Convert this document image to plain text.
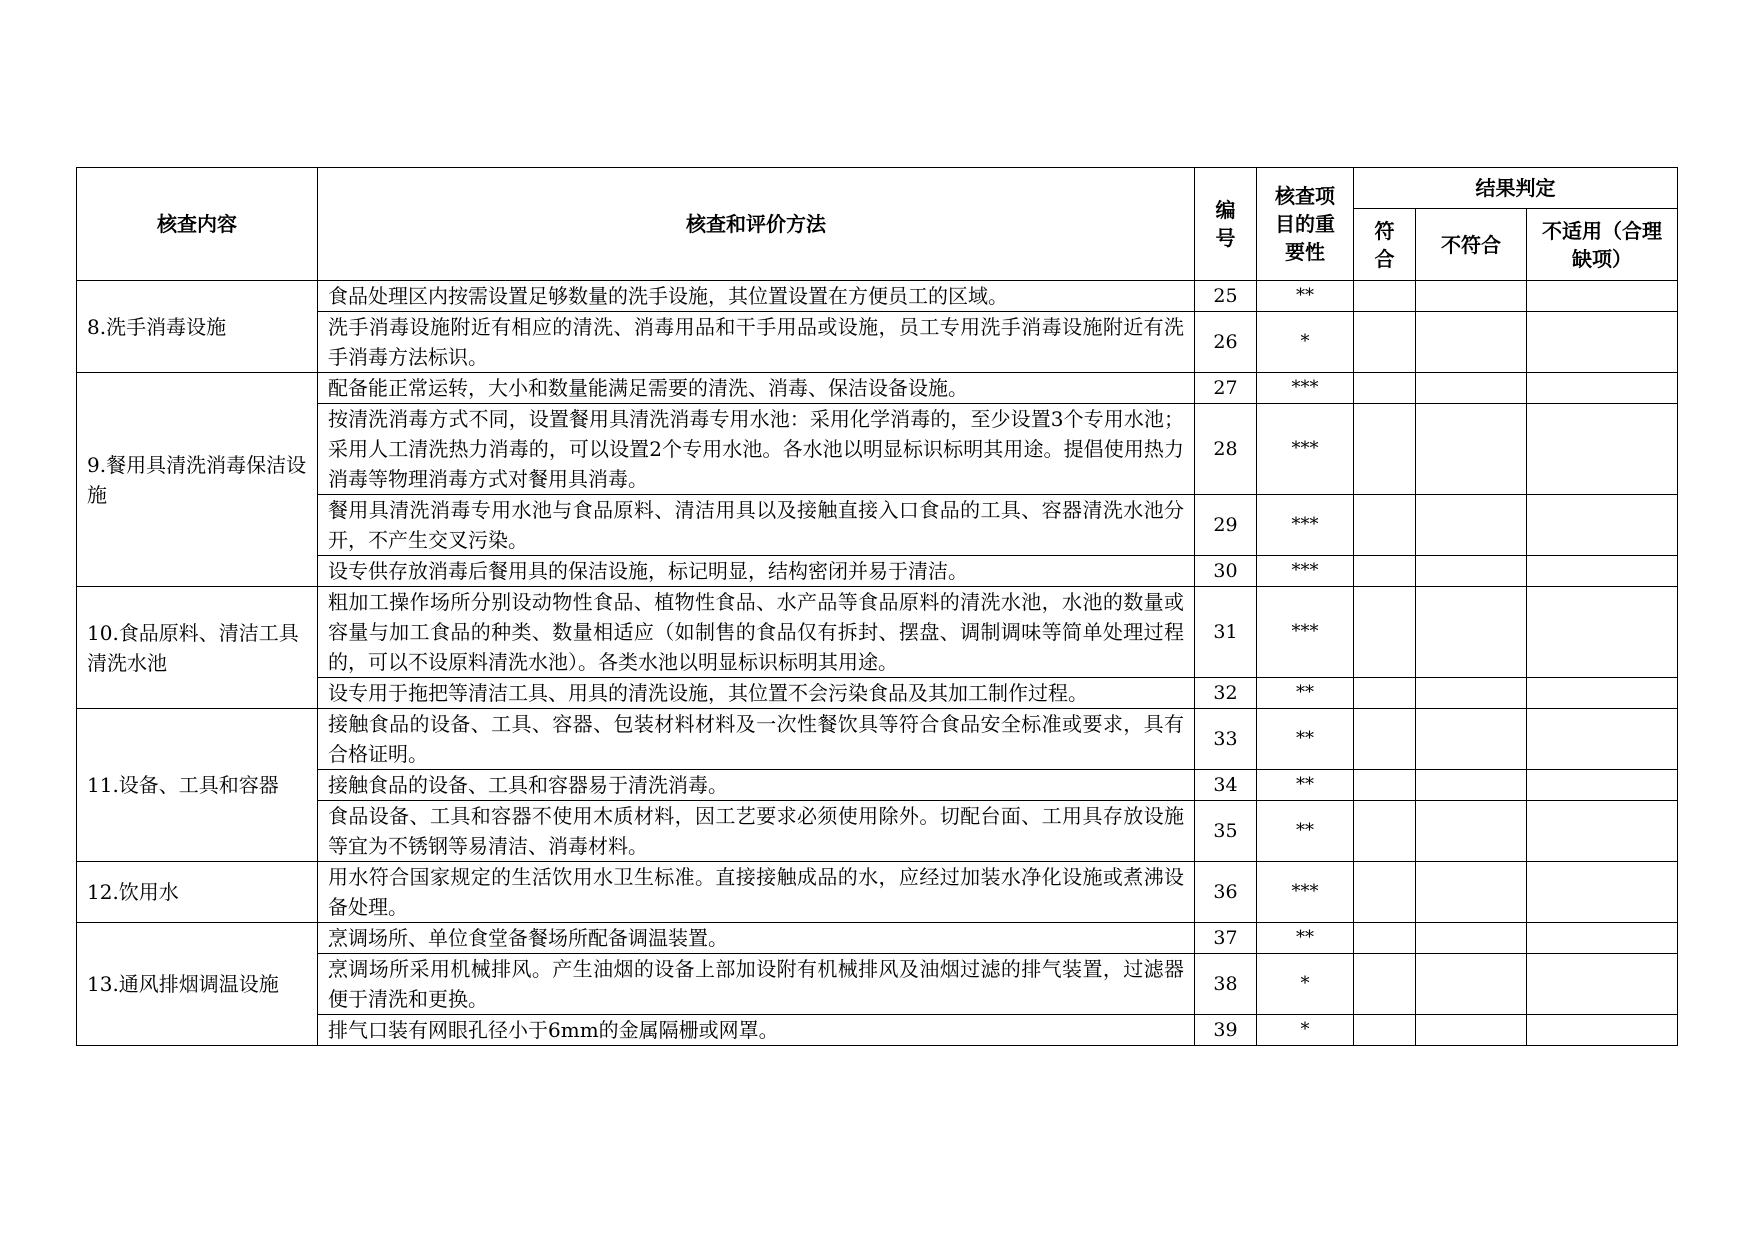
核查内容	核查和评价方法	编号	核查项目的重要性	结果判定		

				符合	不符合	不适用（合理缺项）

8.洗手消毒设施	食品处理区内按需设置足够数量的洗手设施，其位置设置在方便员工的区域。	25	**			
	洗手消毒设施附近有相应的清洗、消毒用品和干手用品或设施，员工专用洗手消毒设施附近有洗手消毒方法标识。	26	*			
9.餐用具清洗消毒保洁设施	配备能正常运转，大小和数量能满足需要的清洗、消毒、保洁设备设施。	27	***			
	按清洗消毒方式不同，设置餐用具清洗消毒专用水池：采用化学消毒的，至少设置3个专用水池；采用人工清洗热力消毒的，可以设置2个专用水池。各水池以明显标识标明其用途。提倡使用热力消毒等物理消毒方式对餐用具消毒。	28	***			
	餐用具清洗消毒专用水池与食品原料、清洁用具以及接触直接入口食品的工具、容器清洗水池分开，不产生交叉污染。	29	***			
	设专供存放消毒后餐用具的保洁设施，标记明显，结构密闭并易于清洁。	30	***			
10.食品原料、清洁工具清洗水池	粗加工操作场所分别设动物性食品、植物性食品、水产品等食品原料的清洗水池，水池的数量或容量与加工食品的种类、数量相适应（如制售的食品仅有拆封、摆盘、调制调味等简单处理过程的，可以不设原料清洗水池）。各类水池以明显标识标明其用途。	31	***			
	设专用于拖把等清洁工具、用具的清洗设施，其位置不会污染食品及其加工制作过程。	32	**			
11.设备、工具和容器	接触食品的设备、工具、容器、包装材料材料及一次性餐饮具等符合食品安全标准或要求，具有合格证明。	33	**			
	接触食品的设备、工具和容器易于清洗消毒。	34	**			
	食品设备、工具和容器不使用木质材料，因工艺要求必须使用除外。切配台面、工用具存放设施等宜为不锈钢等易清洁、消毒材料。	35	**			
12.饮用水	用水符合国家规定的生活饮用水卫生标准。直接接触成品的水，应经过加装水净化设施或煮沸设备处理。	36	***			
13.通风排烟调温设施	烹调场所、单位食堂备餐场所配备调温装置。	37	**			
	烹调场所采用机械排风。产生油烟的设备上部加设附有机械排风及油烟过滤的排气装置，过滤器便于清洗和更换。	38	*			
	排气口装有网眼孔径小于6mm的金属隔栅或网罩。	39	*			
